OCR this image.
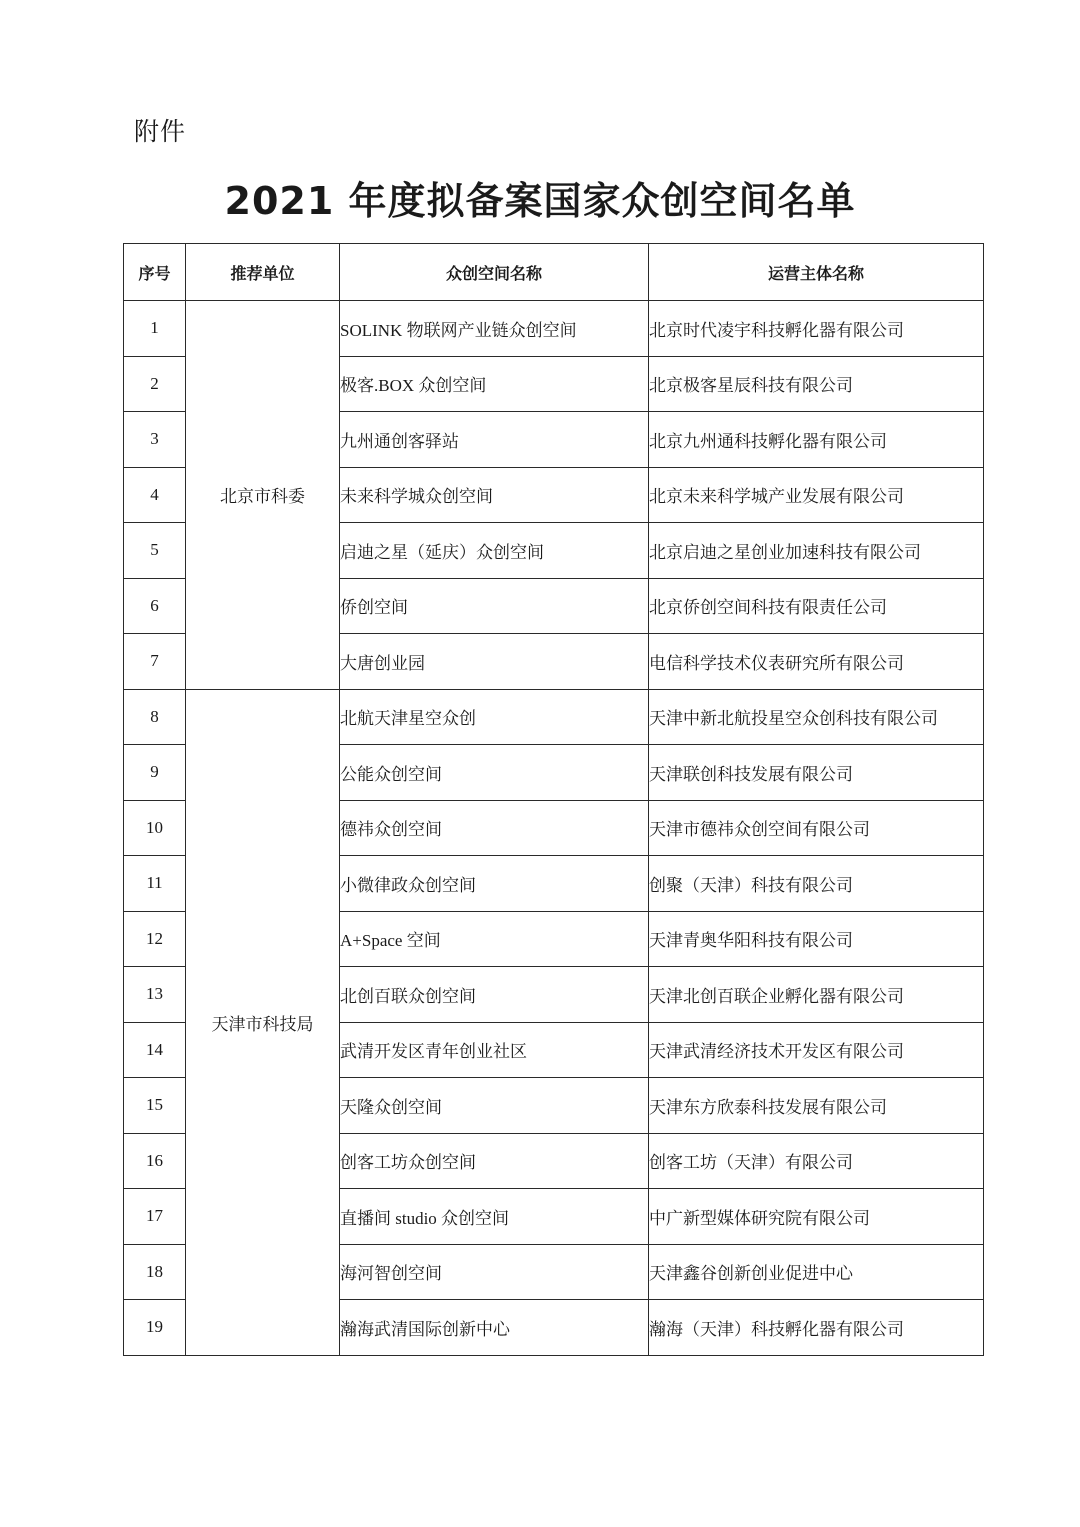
附件
2021 年度拟备案国家众创空间名单
序号	推荐单位	众创空间名称	运营主体名称
1	北京市科委	SOLINK 物联网产业链众创空间	北京时代凌宇科技孵化器有限公司
2		极客.BOX 众创空间	北京极客星辰科技有限公司
3		九州通创客驿站	北京九州通科技孵化器有限公司
4		未来科学城众创空间	北京未来科学城产业发展有限公司
5		启迪之星（延庆）众创空间	北京启迪之星创业加速科技有限公司
6		侨创空间	北京侨创空间科技有限责任公司
7		大唐创业园	电信科学技术仪表研究所有限公司
8	天津市科技局	北航天津星空众创	天津中新北航投星空众创科技有限公司
9		公能众创空间	天津联创科技发展有限公司
10		德祎众创空间	天津市德祎众创空间有限公司
11		小微律政众创空间	创聚（天津）科技有限公司
12		A+Space 空间	天津青奥华阳科技有限公司
13		北创百联众创空间	天津北创百联企业孵化器有限公司
14		武清开发区青年创业社区	天津武清经济技术开发区有限公司
15		天隆众创空间	天津东方欣泰科技发展有限公司
16		创客工坊众创空间	创客工坊（天津）有限公司
17		直播间 studio 众创空间	中广新型媒体研究院有限公司
18		海河智创空间	天津鑫谷创新创业促进中心
19		瀚海武清国际创新中心	瀚海（天津）科技孵化器有限公司
